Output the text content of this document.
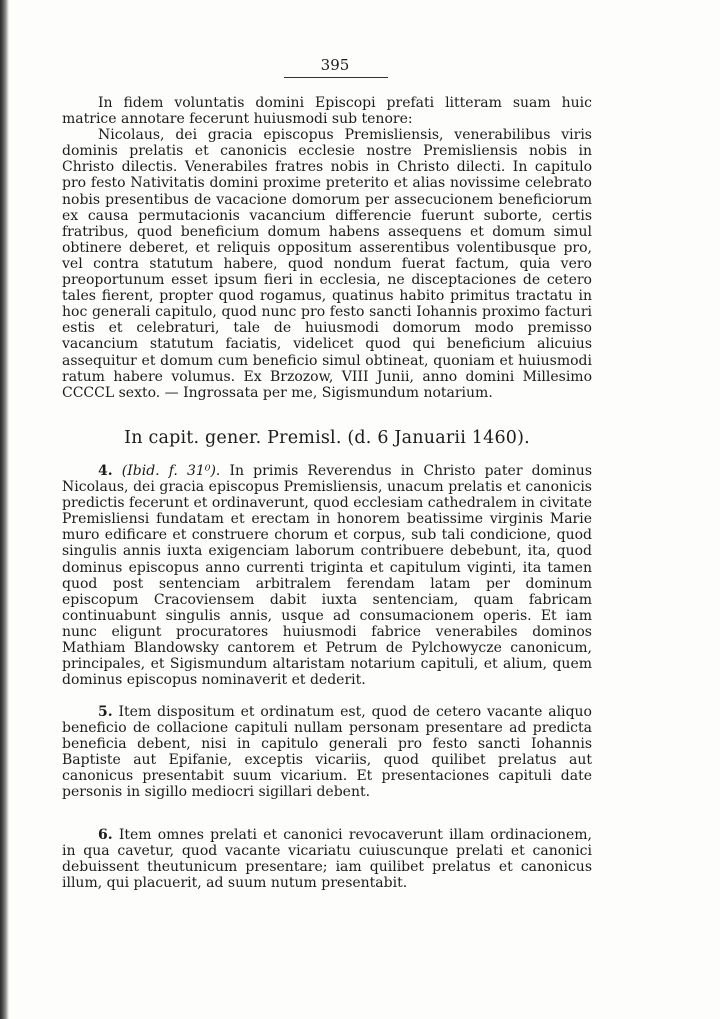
395

In fidem voluntatis domini Episcopi prefati litteram suam huic matrice annotare fecerunt huiusmodi sub tenore:

Nicolaus, dei gracia episcopus Premisliensis, venerabilibus viris dominis prelatis et canonicis ecclesie nostre Premisliensis nobis in Christo dilectis. Venerabiles fratres nobis in Christo dilecti. In capitulo pro festo Nativitatis domini proxime preterito et alias novissime celebrato nobis presentibus de vacacione domorum per assecucionem beneficiorum ex causa permutacionis vacancium differencie fuerunt suborte, certis fratribus, quod beneficium domum habens assequens et domum simul obtinere deberet, et reliquis oppositum asserentibus volentibusque pro, vel contra statutum habere, quod nondum fuerat factum, quia vero preoportunum esset ipsum fieri in ecclesia, ne disceptaciones de cetero tales fierent, propter quod rogamus, quatinus habito primitus tractatu in hoc generali capitulo, quod nunc pro festo sancti Iohannis proximo facturi estis et celebraturi, tale de huiusmodi domorum modo premisso vacancium statutum faciatis, videlicet quod qui beneficium alicuius assequitur et domum cum beneficio simul obtineat, quoniam et huiusmodi ratum habere volumus. Ex Brzozow, VIII Junii, anno domini Millesimo CCCCL sexto. — Ingrossata per me, Sigismundum notarium.

In capit. gener. Premisl. (d. 6 Januarii 1460).

4. (Ibid. f. 31⁰). In primis Reverendus in Christo pater dominus Nicolaus, dei gracia episcopus Premisliensis, unacum prelatis et canonicis predictis fecerunt et ordinaverunt, quod ecclesiam cathedralem in civitate Premisliensi fundatam et erectam in honorem beatissime virginis Marie muro edificare et construere chorum et corpus, sub tali condicione, quod singulis annis iuxta exigenciam laborum contribuere debebunt, ita, quod dominus episcopus anno currenti triginta et capitulum viginti, ita tamen quod post sentenciam arbitralem ferendam latam per dominum episcopum Cracoviensem dabit iuxta sentenciam, quam fabricam continuabunt singulis annis, usque ad consumacionem operis. Et iam nunc eligunt procuratores huiusmodi fabrice venerabiles dominos Mathiam Blandowsky cantorem et Petrum de Pylchowycze canonicum, principales, et Sigismundum altaristam notarium capituli, et alium, quem dominus episcopus nominaverit et dederit.

5. Item dispositum et ordinatum est, quod de cetero vacante aliquo beneficio de collacione capituli nullam personam presentare ad predicta beneficia debent, nisi in capitulo generali pro festo sancti Iohannis Baptiste aut Epifanie, exceptis vicariis, quod quilibet prelatus aut canonicus presentabit suum vicarium. Et presentaciones capituli date personis in sigillo mediocri sigillari debent.

6. Item omnes prelati et canonici revocaverunt illam ordinacionem, in qua cavetur, quod vacante vicariatu cuiuscunque prelati et canonici debuissent theutunicum presentare; iam quilibet prelatus et canonicus illum, qui placuerit, ad suum nutum presentabit.
